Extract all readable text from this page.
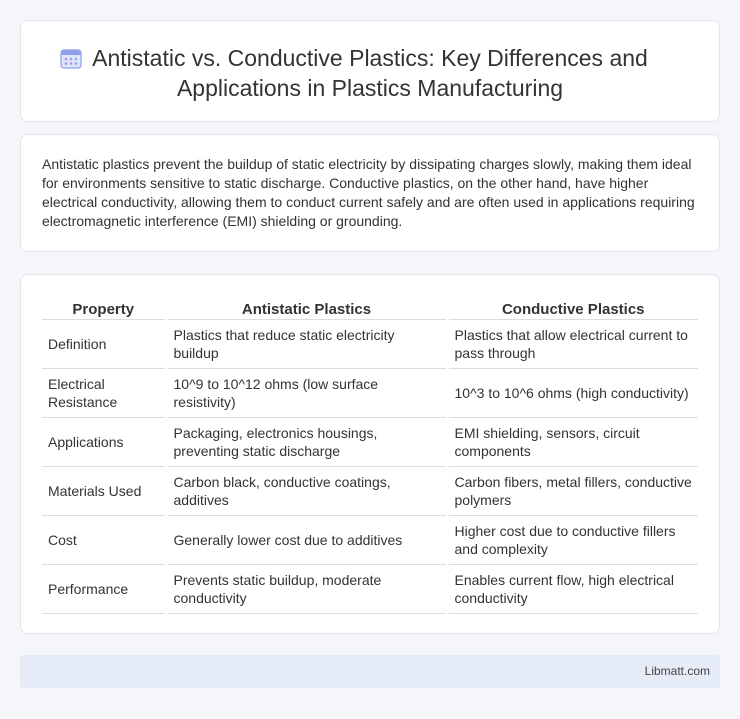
Antistatic vs. Conductive Plastics: Key Differences and
Applications in Plastics Manufacturing

Antistatic plastics prevent the buildup of static electricity by dissipating charges slowly, making them ideal for environments sensitive to static discharge. Conductive plastics, on the other hand, have higher electrical conductivity, allowing them to conduct current safely and are often used in applications requiring electromagnetic interference (EMI) shielding or grounding.

Property	Antistatic Plastics	Conductive Plastics
Definition	Plastics that reduce static electricity buildup	Plastics that allow electrical current to pass through
Electrical Resistance	10^9 to 10^12 ohms (low surface resistivity)	10^3 to 10^6 ohms (high conductivity)
Applications	Packaging, electronics housings, preventing static discharge	EMI shielding, sensors, circuit components
Materials Used	Carbon black, conductive coatings, additives	Carbon fibers, metal fillers, conductive polymers
Cost	Generally lower cost due to additives	Higher cost due to conductive fillers and complexity
Performance	Prevents static buildup, moderate conductivity	Enables current flow, high electrical conductivity
Libmatt.com
